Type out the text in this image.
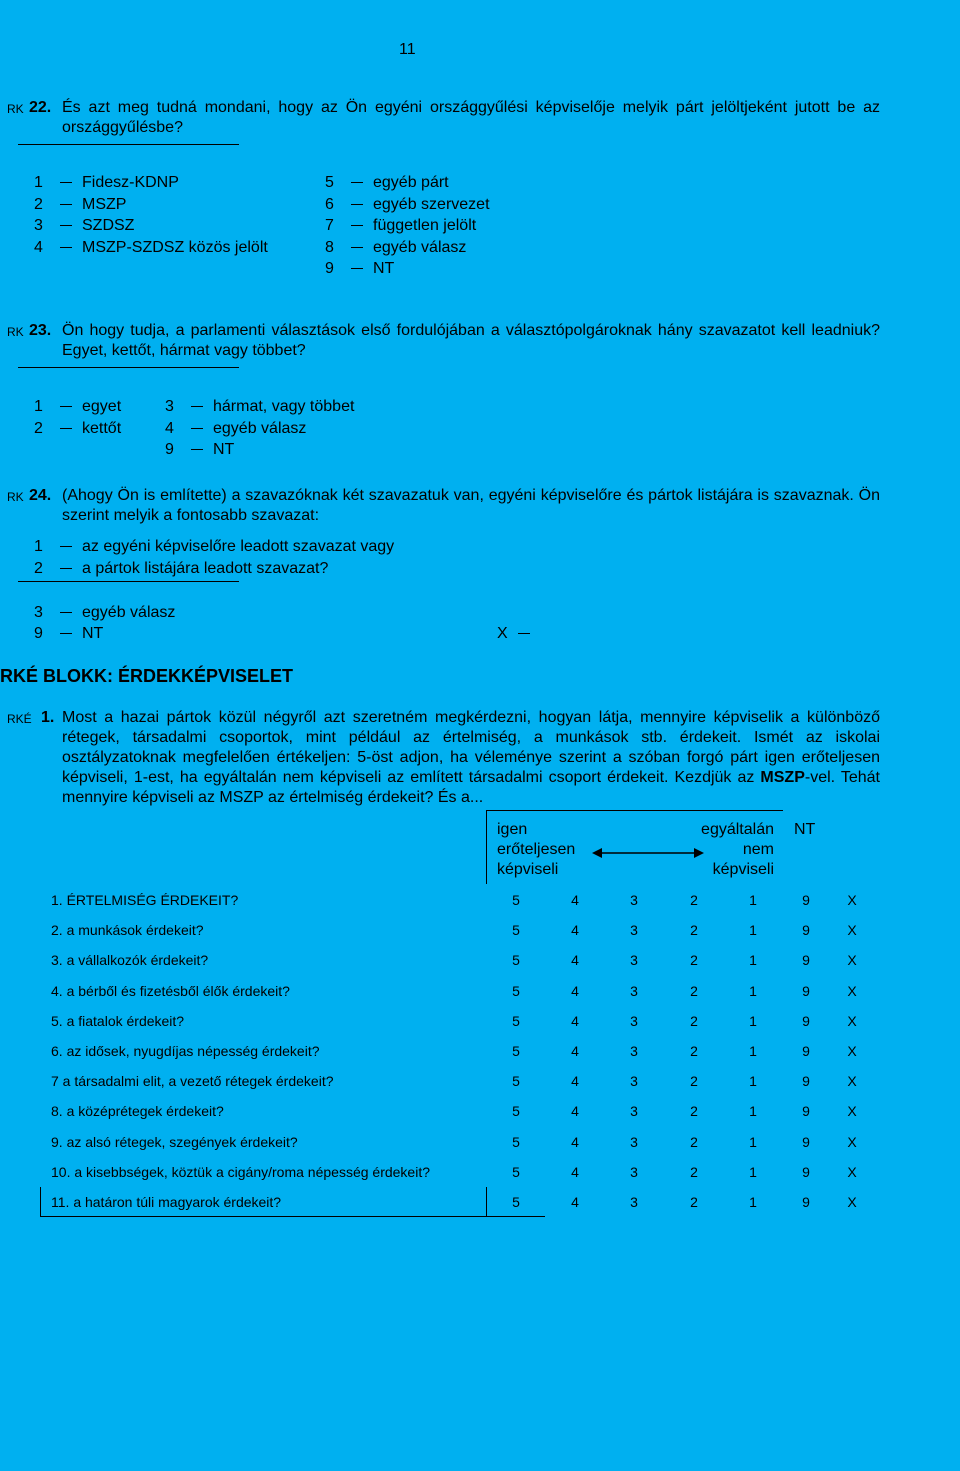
11
RK 22. És azt meg tudná mondani, hogy az Ön egyéni országgyűlési képviselője melyik párt jelöltjeként jutott be az országgyűlésbe?
1 Fidesz-KDNP
2 MSZP
3 SZDSZ
4 MSZP-SZDSZ közös jelölt
5 egyéb párt
6 egyéb szervezet
7 független jelölt
8 egyéb válasz
9 NT
RK 23. Ön hogy tudja, a parlamenti választások első fordulójában a választópolgároknak hány szavazatot kell leadniuk? Egyet, kettőt, hármat vagy többet?
1 egyet
2 kettőt
3 hármat, vagy többet
4 egyéb válasz
9 NT
RK 24. (Ahogy Ön is említette) a szavazóknak két szavazatuk van, egyéni képviselőre és pártok listájára is szavaznak. Ön szerint melyik a fontosabb szavazat:
1 az egyéni képviselőre leadott szavazat vagy
2 a pártok listájára leadott szavazat?
3 egyéb válasz
9 NT	X
RKÉ BLOKK: ÉRDEKKÉPVISELET
RKÉ 1. Most a hazai pártok közül négyről azt szeretném megkérdezni, hogyan látja, mennyire képviselik a különböző rétegek, társadalmi csoportok, mint például az értelmiség, a munkások stb. érdekeit. Ismét az iskolai osztályzatoknak megfelelően értékeljen: 5-öst adjon, ha véleménye szerint a szóban forgó párt igen erőteljesen képviseli, 1-est, ha egyáltalán nem képviseli az említett társadalmi csoport érdekeit. Kezdjük az MSZP-vel. Tehát mennyire képviseli az MSZP az értelmiség érdekeit? És a...
igen
erőteljesen
képviseli
egyáltalán
nem
képviseli
NT
1. ÉRTELMISÉG ÉRDEKEIT?	5	4	3	2	1	9	X
2. a munkások érdekeit?	5	4	3	2	1	9	X
3. a vállalkozók érdekeit?	5	4	3	2	1	9	X
4. a bérből és fizetésből élők érdekeit?	5	4	3	2	1	9	X
5. a fiatalok érdekeit?	5	4	3	2	1	9	X
6. az idősek, nyugdíjas népesség érdekeit?	5	4	3	2	1	9	X
7 a társadalmi elit, a vezető rétegek érdekeit?	5	4	3	2	1	9	X
8. a középrétegek érdekeit?	5	4	3	2	1	9	X
9. az alsó rétegek, szegények érdekeit?	5	4	3	2	1	9	X
10. a kisebbségek, köztük a cigány/roma népesség érdekeit?	5	4	3	2	1	9	X
11. a határon túli magyarok érdekeit?	5	4	3	2	1	9	X
